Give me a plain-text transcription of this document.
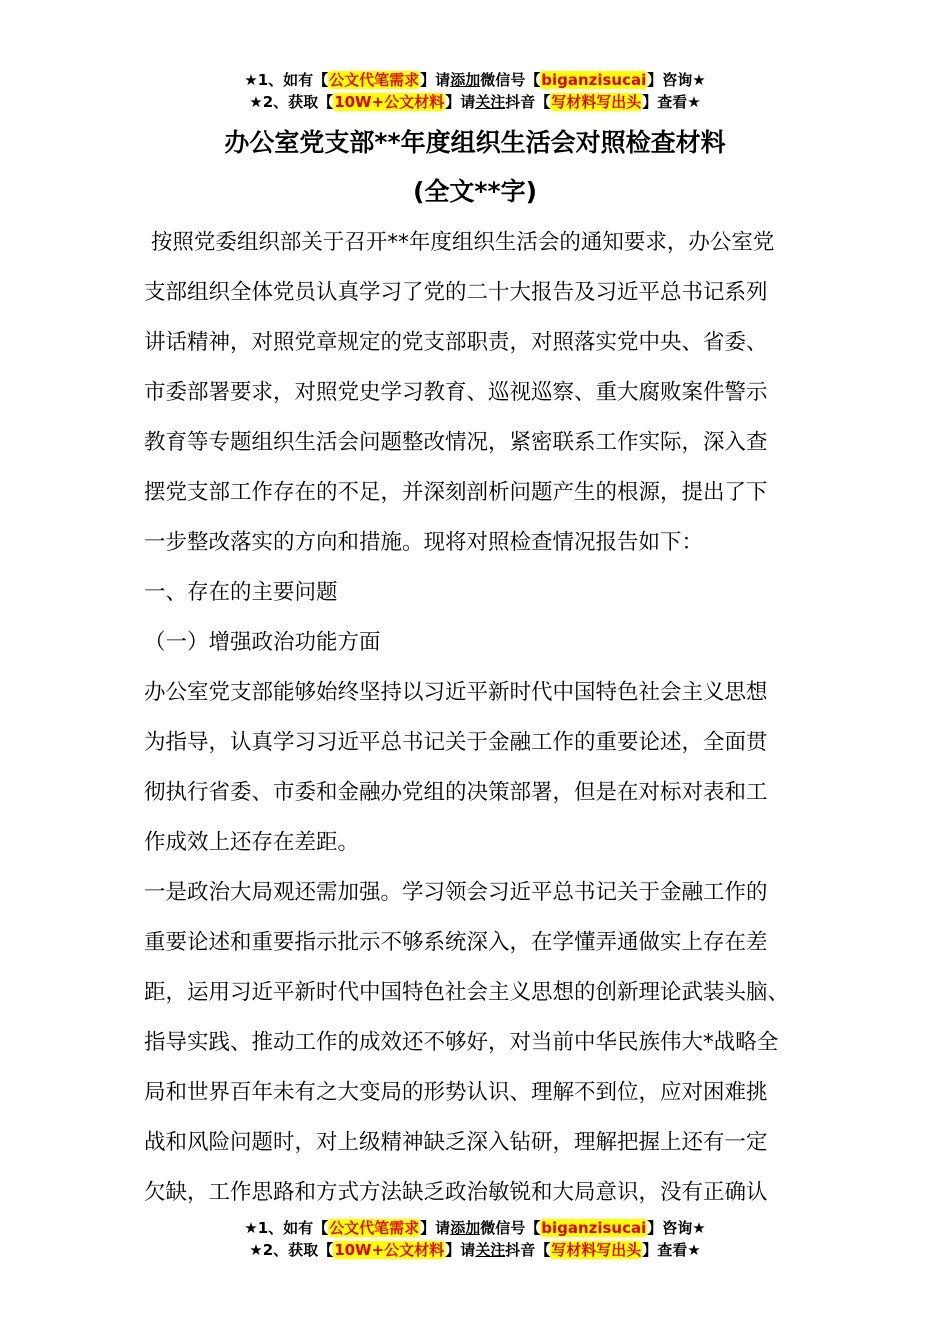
★1、如有【公文代笔需求】请添加微信号【biganzisucai】咨询★
★2、获取【10W+公文材料】请关注抖音【写材料写出头】查看★
办公室党支部**年度组织生活会对照检查材料
(全文**字)
按照党委组织部关于召开**年度组织生活会的通知要求，办公室党
支部组织全体党员认真学习了党的二十大报告及习近平总书记系列
讲话精神，对照党章规定的党支部职责，对照落实党中央、省委、
市委部署要求，对照党史学习教育、巡视巡察、重大腐败案件警示
教育等专题组织生活会问题整改情况，紧密联系工作实际，深入查
摆党支部工作存在的不足，并深刻剖析问题产生的根源，提出了下
一步整改落实的方向和措施。现将对照检查情况报告如下：
一、存在的主要问题
（一）增强政治功能方面
办公室党支部能够始终坚持以习近平新时代中国特色社会主义思想
为指导，认真学习习近平总书记关于金融工作的重要论述，全面贯
彻执行省委、市委和金融办党组的决策部署，但是在对标对表和工
作成效上还存在差距。
一是政治大局观还需加强。学习领会习近平总书记关于金融工作的
重要论述和重要指示批示不够系统深入，在学懂弄通做实上存在差
距，运用习近平新时代中国特色社会主义思想的创新理论武装头脑、
指导实践、推动工作的成效还不够好，对当前中华民族伟大*战略全
局和世界百年未有之大变局的形势认识、理解不到位，应对困难挑
战和风险问题时，对上级精神缺乏深入钻研，理解把握上还有一定
欠缺，工作思路和方式方法缺乏政治敏锐和大局意识，没有正确认
★1、如有【公文代笔需求】请添加微信号【biganzisucai】咨询★
★2、获取【10W+公文材料】请关注抖音【写材料写出头】查看★
